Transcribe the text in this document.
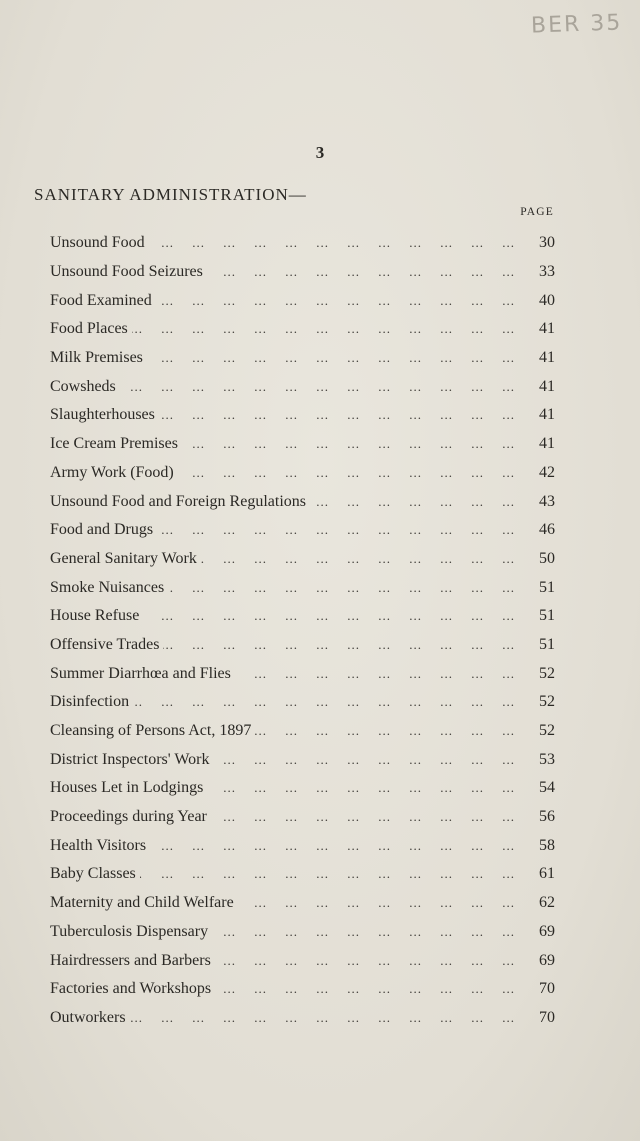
BER 35
3
SANITARY ADMINISTRATION—
PAGE
Unsound Food ... .	30
Unsound Food Seizures ... .	33
Food Examined ... .	40
Food Places ... .	41
Milk Premises ... .	41
Cowsheds ... .	41
Slaughterhouses ... .	41
Ice Cream Premises ... .	41
Army Work (Food) ... .	42
Unsound Food and Foreign Regulations ... .	43
Food and Drugs ... .	46
General Sanitary Work ... .	50
Smoke Nuisances ... .	51
House Refuse ... .	51
Offensive Trades ... .	51
Summer Diarrhœa and Flies ... .	52
Disinfection ... .	52
Cleansing of Persons Act, 1897 ... .	52
District Inspectors' Work ... .	53
Houses Let in Lodgings ... .	54
Proceedings during Year ... .	56
Health Visitors ... .	58
Baby Classes ... .	61
Maternity and Child Welfare ... .	62
Tuberculosis Dispensary ... .	69
Hairdressers and Barbers ... .	69
Factories and Workshops ... .	70
Outworkers ... .	70
